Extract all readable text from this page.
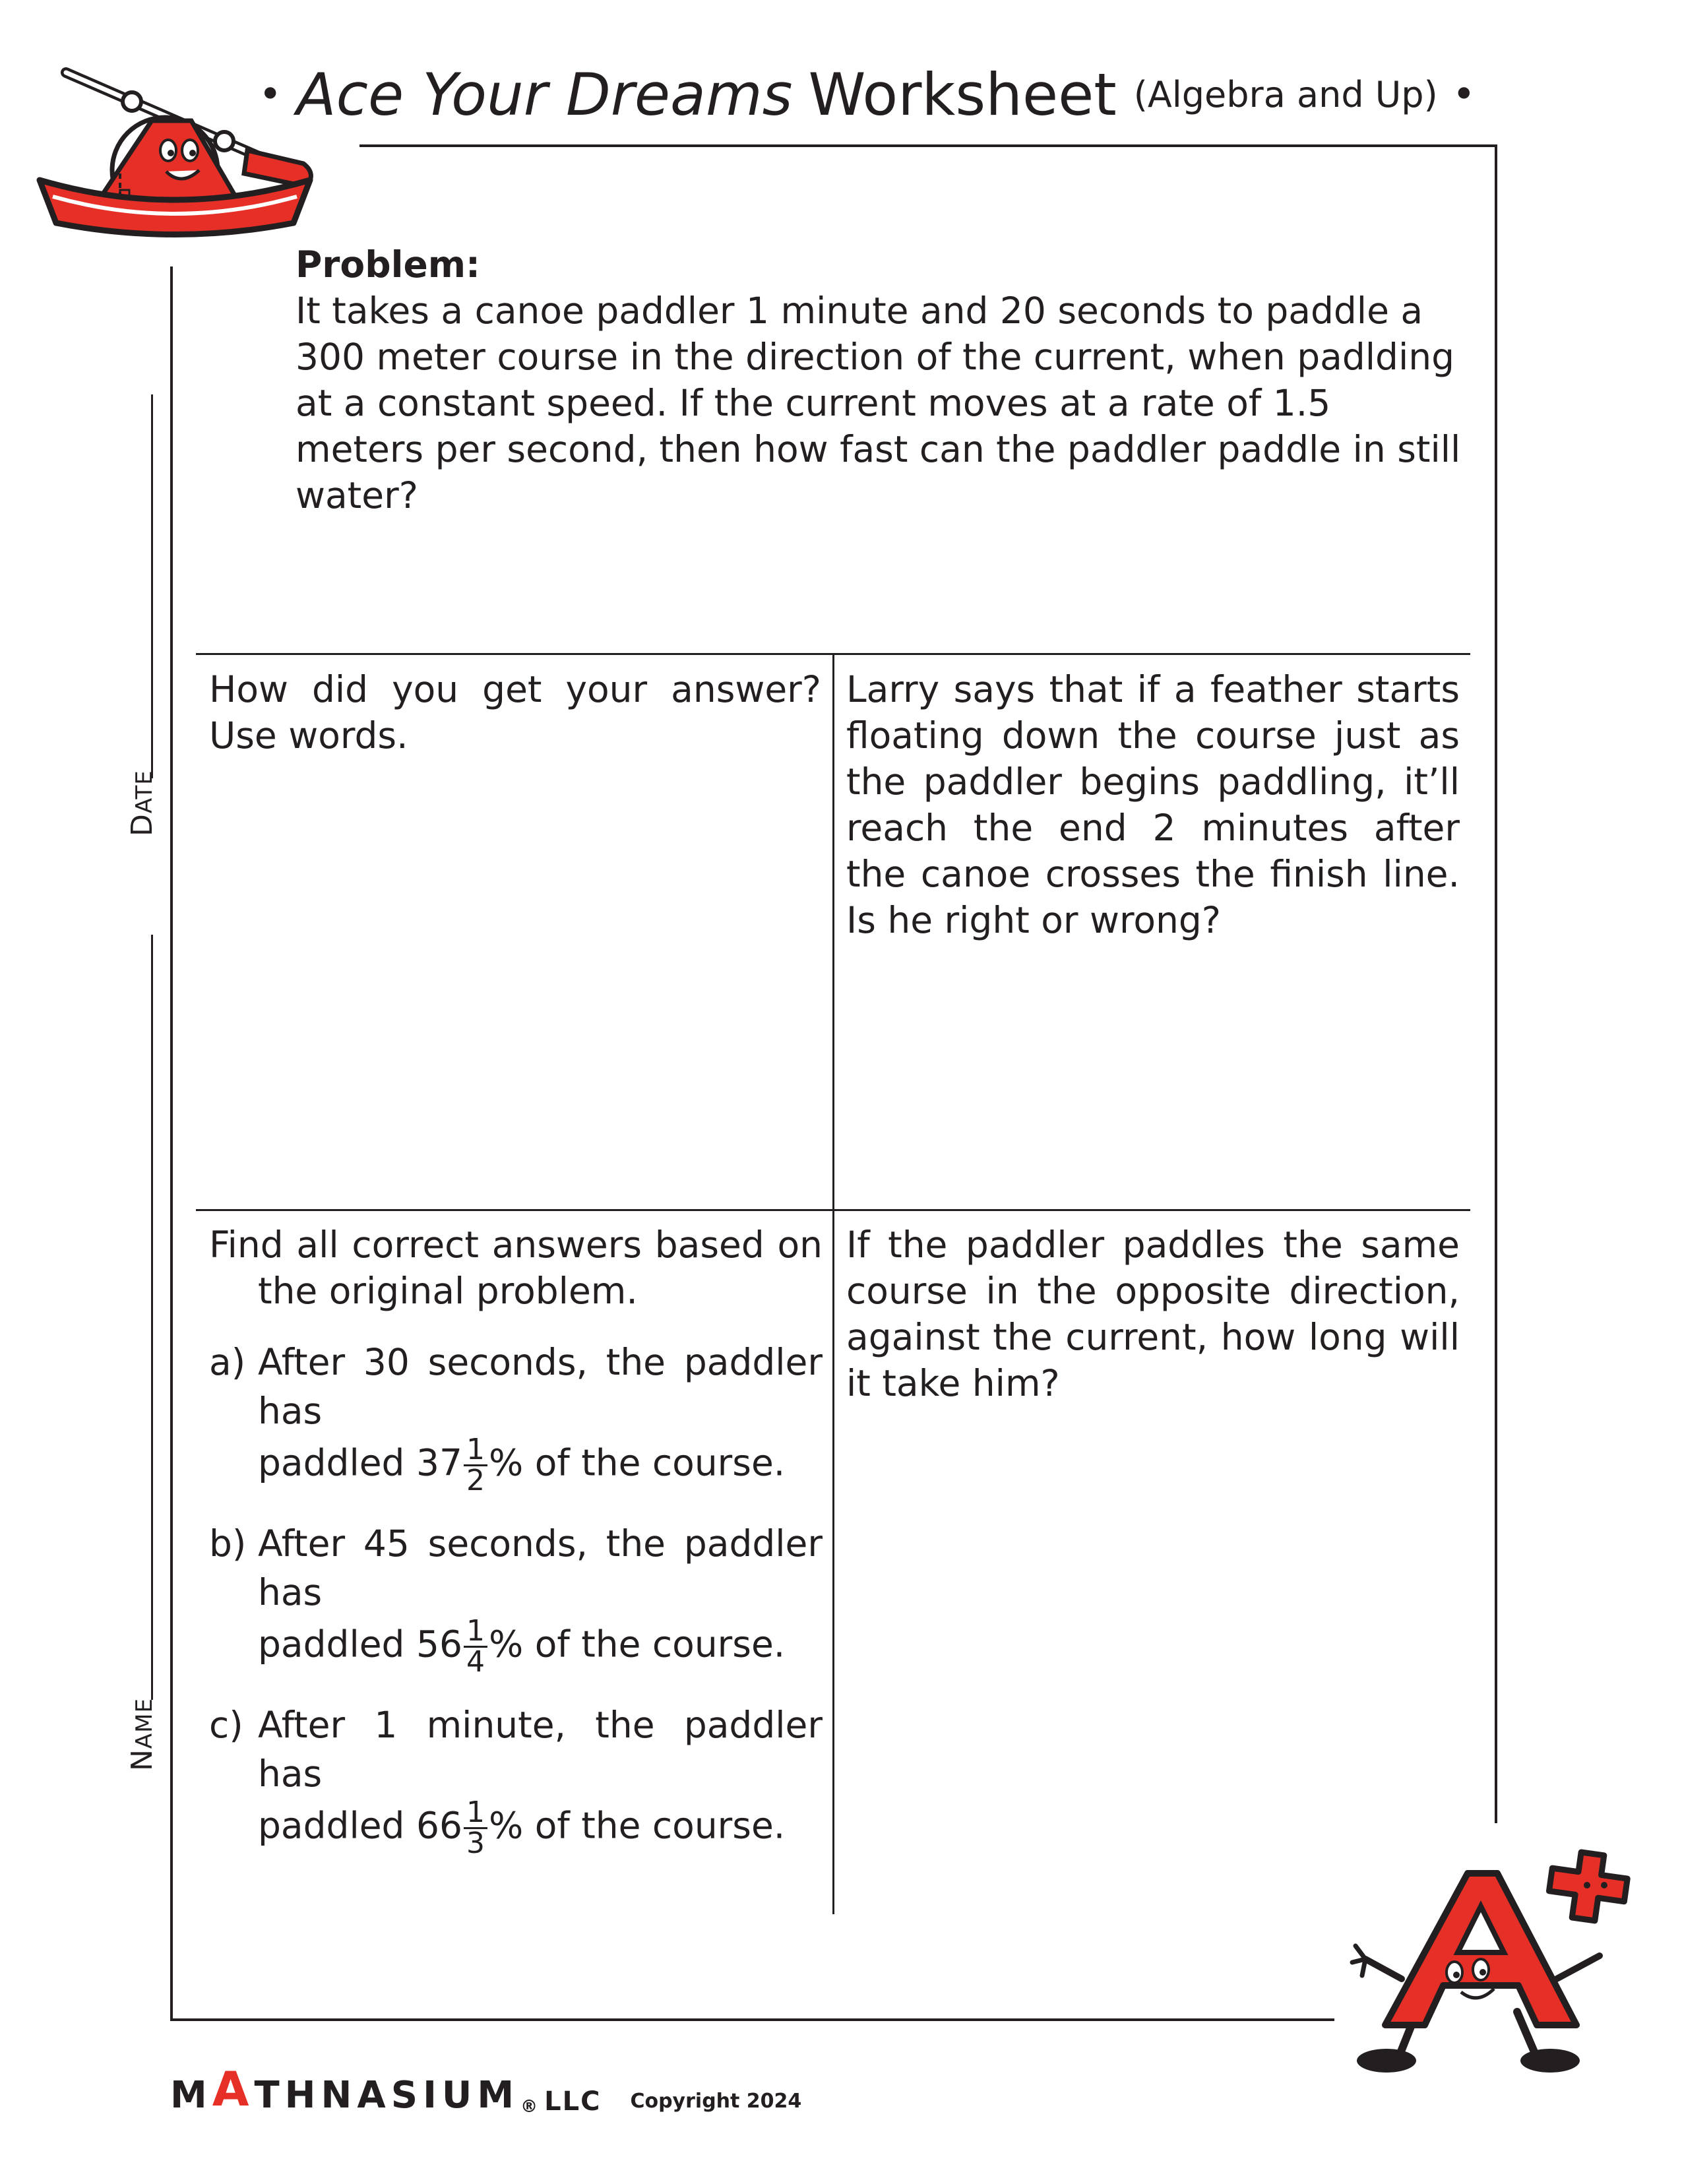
• Ace Your Dreams Worksheet (Algebra and Up) •
DATE
NAME
Problem:
It takes a canoe paddler 1 minute and 20 seconds to paddle a 300 meter course in the direction of the current, when padlding at a constant speed. If the current moves at a rate of 1.5 meters per second, then how fast can the paddler paddle in still water?

How did you get your answer? Use words.

Larry says that if a feather starts floating down the course just as the paddler begins paddling, it’ll reach the end 2 minutes after the canoe crosses the finish line. Is he right or wrong?

Find all correct answers based on the original problem.

a) After 30 seconds, the paddler has
paddled $37 \frac{1}{2}$ % of the course.
b) After 45 seconds, the paddler has
paddled $56 \frac{1}{4}$ % of the course.
c) After 1 minute, the paddler has
paddled $66 \frac{1}{3}$ % of the course.

If the paddler paddles the same course in the opposite direction, against the current, how long will it take him?

M A THNASIUM ® LLC Copyright 2024
